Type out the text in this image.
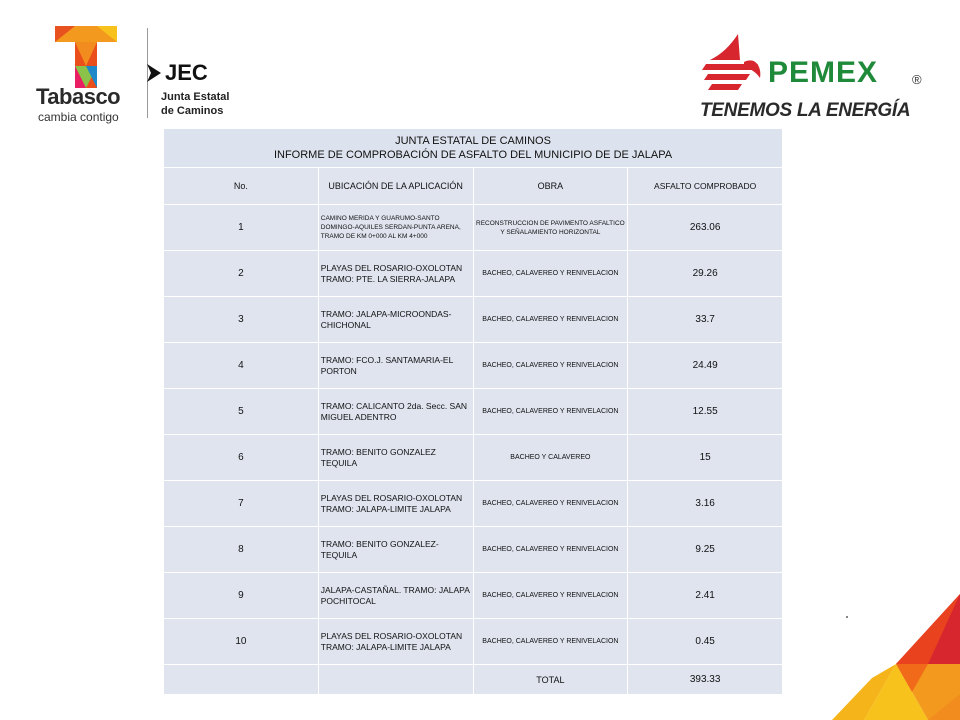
Tabasco
cambia contigo
JEC
Junta Estatal
de Caminos
PEMEX	®
TENEMOS LA ENERGÍA
JUNTA ESTATAL DE CAMINOS
INFORME DE COMPROBACIÓN DE ASFALTO DEL MUNICIPIO DE DE JALAPA			

No.	UBICACIÓN DE LA APLICACIÓN	OBRA	ASFALTO COMPROBADO
1	CAMINO MERIDA Y GUARUMO-SANTO DOMINGO-AQUILES SERDAN-PUNTA ARENA, TRAMO DE KM 0+000 AL KM 4+000	RECONSTRUCCION DE PAVIMENTO ASFALTICO Y SEÑALAMIENTO HORIZONTAL	263.06
2	PLAYAS DEL ROSARIO-OXOLOTAN TRAMO: PTE. LA SIERRA-JALAPA	BACHEO, CALAVEREO Y RENIVELACION	29.26
3	TRAMO: JALAPA-MICROONDAS-CHICHONAL	BACHEO, CALAVEREO Y RENIVELACION	33.7
4	TRAMO: FCO.J. SANTAMARIA-EL PORTON	BACHEO, CALAVEREO Y RENIVELACION	24.49
5	TRAMO: CALICANTO 2da. Secc. SAN MIGUEL ADENTRO	BACHEO, CALAVEREO Y RENIVELACION	12.55
6	TRAMO: BENITO GONZALEZ TEQUILA	BACHEO Y CALAVEREO	15
7	PLAYAS DEL ROSARIO-OXOLOTAN TRAMO: JALAPA-LIMITE JALAPA	BACHEO, CALAVEREO Y RENIVELACION	3.16
8	TRAMO: BENITO GONZALEZ-TEQUILA	BACHEO, CALAVEREO Y RENIVELACION	9.25
9	JALAPA-CASTAÑAL. TRAMO: JALAPA POCHITOCAL	BACHEO, CALAVEREO Y RENIVELACION	2.41
10	PLAYAS DEL ROSARIO-OXOLOTAN TRAMO: JALAPA-LIMITE JALAPA	BACHEO, CALAVEREO Y RENIVELACION	0.45
		TOTAL	393.33
